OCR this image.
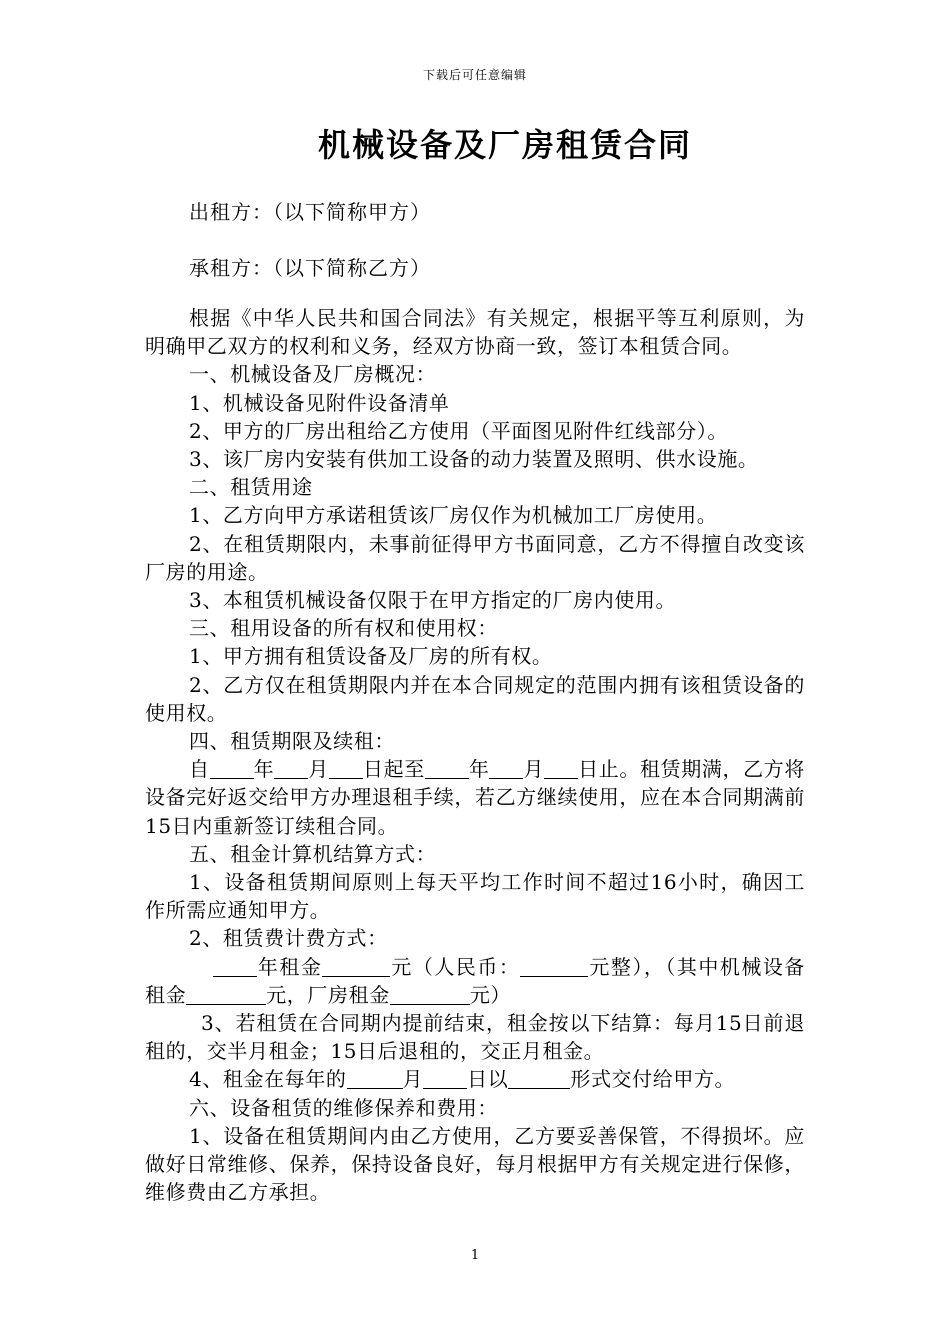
下载后可任意编辑
机械设备及厂房租赁合同
出租方：（以下简称甲方）
承租方：（以下简称乙方）

根据《中华人民共和国合同法》有关规定，根据平等互利原则，为明确甲乙双方的权利和义务，经双方协商一致，签订本租赁合同。

一、机械设备及厂房概况：

1、机械设备见附件设备清单

2、甲方的厂房出租给乙方使用（平面图见附件红线部分）。

3、该厂房内安装有供加工设备的动力装置及照明、供水设施。

二、租赁用途

1、乙方向甲方承诺租赁该厂房仅作为机械加工厂房使用。

2、在租赁期限内，未事前征得甲方书面同意，乙方不得擅自改变该厂房的用途。

3、本租赁机械设备仅限于在甲方指定的厂房内使用。

三、租用设备的所有权和使用权：

1、甲方拥有租赁设备及厂房的所有权。

2、乙方仅在租赁期限内并在本合同规定的范围内拥有该租赁设备的使用权。

四、租赁期限及续租：

自 年 月 日起至 年 月 日止。租赁期满，乙方将设备完好返交给甲方办理退租手续，若乙方继续使用，应在本合同期满前15日内重新签订续租合同。

五、租金计算机结算方式：

1、设备租赁期间原则上每天平均工作时间不超过16小时，确因工作所需应通知甲方。

2、租赁费计费方式：

年租金	元（人民币：	元整），（其中机械设备租金	元，厂房租金	元）

3、若租赁在合同期内提前结束，租金按以下结算：每月15日前退租的，交半月租金；15日后退租的，交正月租金。

4、租金在每年的	月 日以	形式交付给甲方。

六、设备租赁的维修保养和费用：

1、设备在租赁期间内由乙方使用，乙方要妥善保管，不得损坏。应做好日常维修、保养，保持设备良好，每月根据甲方有关规定进行保修，维修费由乙方承担。

1
